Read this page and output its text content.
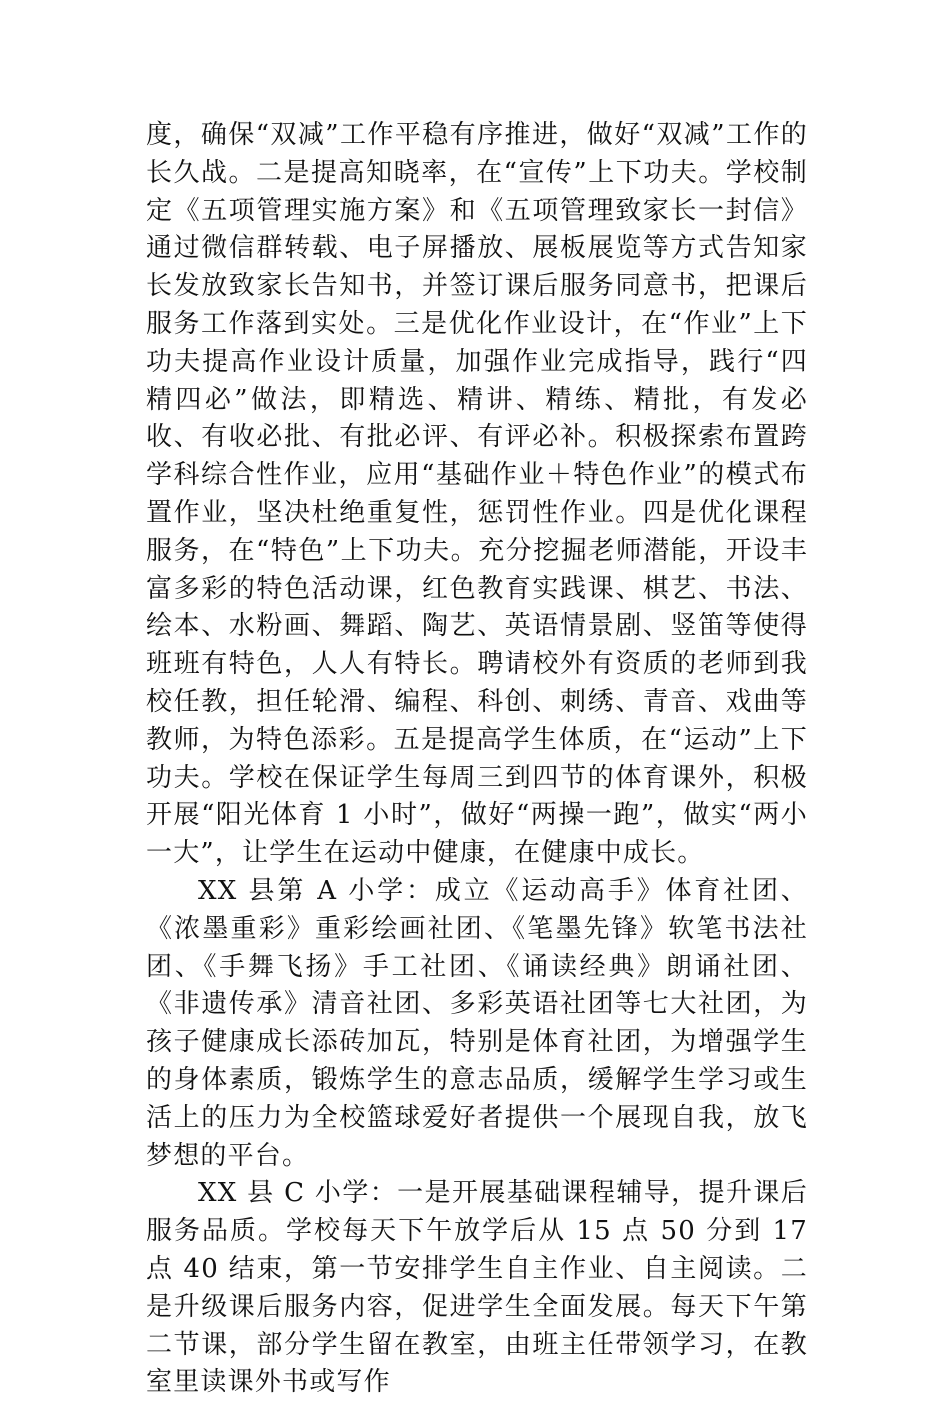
度，确保“双减”工作平稳有序推进，做好“双减”工作的长久战。二是提高知晓率，在“宣传”上下功夫。学校制定《五项管理实施方案》和《五项管理致家长一封信》通过微信群转载、电子屏播放、展板展览等方式告知家长发放致家长告知书，并签订课后服务同意书，把课后服务工作落到实处。三是优化作业设计，在“作业”上下功夫提高作业设计质量，加强作业完成指导，践行“四精四必”做法，即精选、精讲、精练、精批，有发必收、有收必批、有批必评、有评必补。积极探索布置跨学科综合性作业，应用“基础作业＋特色作业”的模式布置作业，坚决杜绝重复性，惩罚性作业。四是优化课程服务，在“特色”上下功夫。充分挖掘老师潜能，开设丰富多彩的特色活动课，红色教育实践课、棋艺、书法、绘本、水粉画、舞蹈、陶艺、英语情景剧、竖笛等使得班班有特色，人人有特长。聘请校外有资质的老师到我校任教，担任轮滑、编程、科创、刺绣、青音、戏曲等教师，为特色添彩。五是提高学生体质，在“运动”上下功夫。学校在保证学生每周三到四节的体育课外，积极开展“阳光体育 1 小时”，做好“两操一跑”，做实“两小一大”，让学生在运动中健康，在健康中成长。

XX 县第 A 小学：成立《运动高手》体育社团、《浓墨重彩》重彩绘画社团、《笔墨先锋》软笔书法社团、《手舞飞扬》手工社团、《诵读经典》朗诵社团、《非遗传承》清音社团、多彩英语社团等七大社团，为孩子健康成长添砖加瓦，特别是体育社团，为增强学生的身体素质，锻炼学生的意志品质，缓解学生学习或生活上的压力为全校篮球爱好者提供一个展现自我，放飞梦想的平台。

XX 县 C 小学：一是开展基础课程辅导，提升课后服务品质。学校每天下午放学后从 15 点 50 分到 17 点 40 结束，第一节安排学生自主作业、自主阅读。二是升级课后服务内容，促进学生全面发展。每天下午第二节课，部分学生留在教室，由班主任带领学习，在教室里读课外书或写作
